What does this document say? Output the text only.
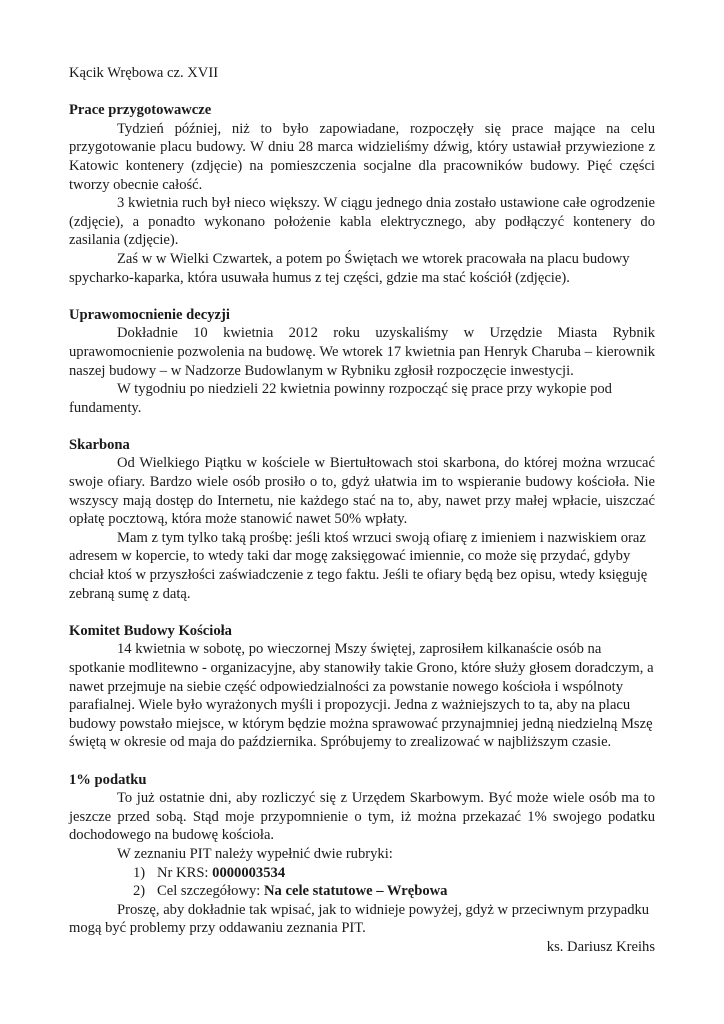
Kącik Wrębowa cz. XVII

Prace przygotowawcze

Tydzień później, niż to było zapowiadane, rozpoczęły się prace mające na celu przygotowanie placu budowy. W dniu 28 marca widzieliśmy dźwig, który ustawiał przywiezione z Katowic kontenery (zdjęcie) na pomieszczenia socjalne dla pracowników budowy. Pięć części tworzy obecnie całość.

3 kwietnia ruch był nieco większy. W ciągu jednego dnia zostało ustawione całe ogrodzenie (zdjęcie), a ponadto wykonano położenie kabla elektrycznego, aby podłączyć kontenery do zasilania (zdjęcie).

Zaś w w Wielki Czwartek, a potem po Świętach we wtorek pracowała na placu budowy spycharko-kaparka, która usuwała humus z tej części, gdzie ma stać kościół (zdjęcie).

Uprawomocnienie decyzji

Dokładnie 10 kwietnia 2012 roku uzyskaliśmy w Urzędzie Miasta Rybnik uprawomocnienie pozwolenia na budowę. We wtorek 17 kwietnia pan Henryk Charuba – kierownik naszej budowy – w Nadzorze Budowlanym w Rybniku zgłosił rozpoczęcie inwestycji.

W tygodniu po niedzieli 22 kwietnia powinny rozpocząć się prace przy wykopie pod fundamenty.

Skarbona

Od Wielkiego Piątku w kościele w Biertułtowach stoi skarbona, do której można wrzucać swoje ofiary. Bardzo wiele osób prosiło o to, gdyż ułatwia im to wspieranie budowy kościoła. Nie wszyscy mają dostęp do Internetu, nie każdego stać na to, aby, nawet przy małej wpłacie, uiszczać opłatę pocztową, która może stanowić nawet 50% wpłaty.

Mam z tym tylko taką prośbę: jeśli ktoś wrzuci swoją ofiarę z imieniem i nazwiskiem oraz adresem w kopercie, to wtedy taki dar mogę zaksięgować imiennie, co może się przydać, gdyby chciał ktoś w przyszłości zaświadczenie z tego faktu. Jeśli te ofiary będą bez opisu, wtedy księguję zebraną sumę z datą.

Komitet Budowy Kościoła

14 kwietnia w sobotę, po wieczornej Mszy świętej, zaprosiłem kilkanaście osób na spotkanie modlitewno - organizacyjne, aby stanowiły takie Grono, które służy głosem doradczym, a nawet przejmuje na siebie część odpowiedzialności za powstanie nowego kościoła i wspólnoty parafialnej. Wiele było wyrażonych myśli i propozycji. Jedna z ważniejszych to ta, aby na placu budowy powstało miejsce, w którym będzie można sprawować przynajmniej jedną niedzielną Mszę świętą w okresie od maja do października. Spróbujemy to zrealizować w najbliższym czasie.

1% podatku

To już ostatnie dni, aby rozliczyć się z Urzędem Skarbowym. Być może wiele osób ma to jeszcze przed sobą. Stąd moje przypomnienie o tym, iż można przekazać 1% swojego podatku dochodowego na budowę kościoła.

W zeznaniu PIT należy wypełnić dwie rubryki:

1) Nr KRS: 0000003534
2) Cel szczegółowy: Na cele statutowe – Wrębowa

Proszę, aby dokładnie tak wpisać, jak to widnieje powyżej, gdyż w przeciwnym przypadku mogą być problemy przy oddawaniu zeznania PIT.

ks. Dariusz Kreihs
